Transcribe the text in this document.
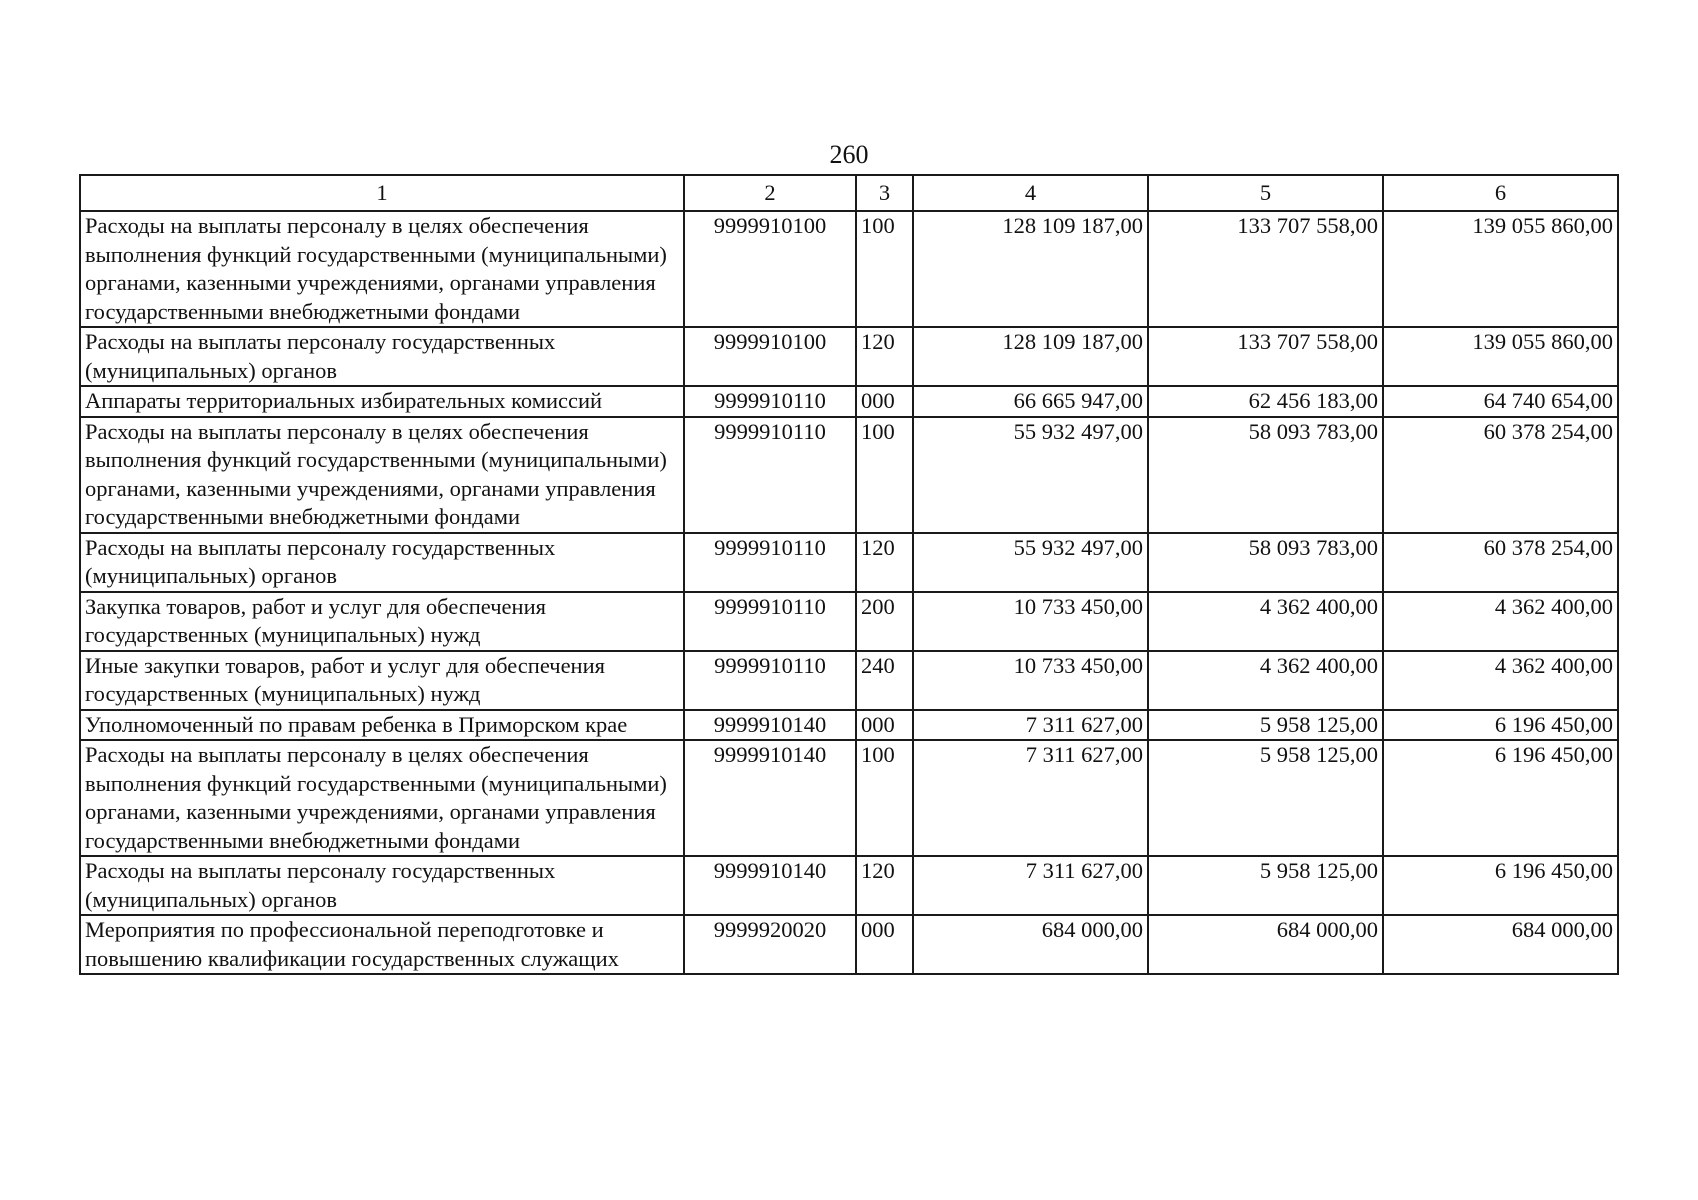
260
1	2	3	4	5	6
Расходы на выплаты персоналу в целях обеспечения выполнения функций государственными (муниципальными) органами, казенными учреждениями, органами управления государственными внебюджетными фондами	9999910100	100	128 109 187,00	133 707 558,00	139 055 860,00
Расходы на выплаты персоналу государственных (муниципальных) органов	9999910100	120	128 109 187,00	133 707 558,00	139 055 860,00
Аппараты территориальных избирательных комиссий	9999910110	000	66 665 947,00	62 456 183,00	64 740 654,00
Расходы на выплаты персоналу в целях обеспечения выполнения функций государственными (муниципальными) органами, казенными учреждениями, органами управления государственными внебюджетными фондами	9999910110	100	55 932 497,00	58 093 783,00	60 378 254,00
Расходы на выплаты персоналу государственных (муниципальных) органов	9999910110	120	55 932 497,00	58 093 783,00	60 378 254,00
Закупка товаров, работ и услуг для обеспечения государственных (муниципальных) нужд	9999910110	200	10 733 450,00	4 362 400,00	4 362 400,00
Иные закупки товаров, работ и услуг для обеспечения государственных (муниципальных) нужд	9999910110	240	10 733 450,00	4 362 400,00	4 362 400,00
Уполномоченный по правам ребенка в Приморском крае	9999910140	000	7 311 627,00	5 958 125,00	6 196 450,00
Расходы на выплаты персоналу в целях обеспечения выполнения функций государственными (муниципальными) органами, казенными учреждениями, органами управления государственными внебюджетными фондами	9999910140	100	7 311 627,00	5 958 125,00	6 196 450,00
Расходы на выплаты персоналу государственных (муниципальных) органов	9999910140	120	7 311 627,00	5 958 125,00	6 196 450,00
Мероприятия по профессиональной переподготовке и повышению квалификации государственных служащих	9999920020	000	684 000,00	684 000,00	684 000,00
